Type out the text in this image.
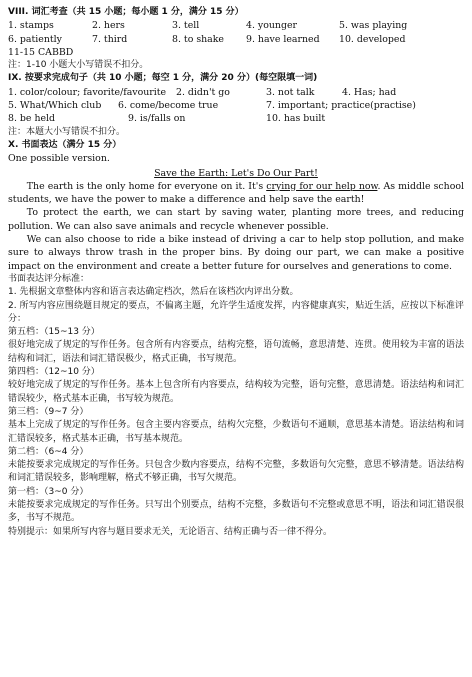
VIII. 词汇考查（共 15 小题；每小题 1 分，满分 15 分）
1. stamps	2. hers	3. tell	4. younger	5. was playing
6. patiently	7. third	8. to shake	9. have learned	10. developed
11-15 CABBD
注：1-10 小题大小写错误不扣分。
IX. 按要求完成句子（共 10 小题；每空 1 分，满分 20 分）(每空限填一词)
1. color/colour; favorite/favourite	2. didn't go	3. not talk	4. Has; had
5. What/Which club	6. come/become true	7. important; practice(practise)
8. be held	9. is/falls on	10. has built
注：本题大小写错误不扣分。
X. 书面表达（满分 15 分）
One possible version.
Save the Earth: Let's Do Our Part!
The earth is the only home for everyone on it. It's crying for our help now. As middle school students, we have the power to make a difference and help save the earth!
To protect the earth, we can start by saving water, planting more trees, and reducing pollution. We can also save animals and recycle whenever possible.
We can also choose to ride a bike instead of driving a car to help stop pollution, and make sure to always throw trash in the proper bins. By doing our part, we can make a positive impact on the environment and create a better future for ourselves and generations to come.
书面表达评分标准：
1. 先根据文章整体内容和语言表达确定档次，然后在该档次内评出分数。
2. 所写内容应围绕题目规定的要点，不偏离主题，允许学生适度发挥，内容健康真实，贴近生活，应按以下标准评分：
第五档：（15~13 分）
很好地完成了规定的写作任务。包含所有内容要点，结构完整，语句流畅，意思清楚、连贯。使用较为丰富的语法结构和词汇，语法和词汇错误极少，格式正确，书写规范。
第四档：（12~10 分）
较好地完成了规定的写作任务。基本上包含所有内容要点，结构较为完整，语句完整，意思清楚。语法结构和词汇错误较少，格式基本正确，书写较为规范。
第三档：（9~7 分）
基本上完成了规定的写作任务。包含主要内容要点，结构欠完整，少数语句不通顺，意思基本清楚。语法结构和词汇错误较多，格式基本正确，书写基本规范。
第二档：（6~4 分）
未能按要求完成规定的写作任务。只包含少数内容要点，结构不完整，多数语句欠完整，意思不够清楚。语法结构和词汇错误较多，影响理解，格式不够正确，书写欠规范。
第一档：（3~0 分）
未能按要求完成规定的写作任务。只写出个别要点，结构不完整，多数语句不完整或意思不明，语法和词汇错误很多，书写不规范。
特别提示：如果所写内容与题目要求无关，无论语言、结构正确与否一律不得分。
